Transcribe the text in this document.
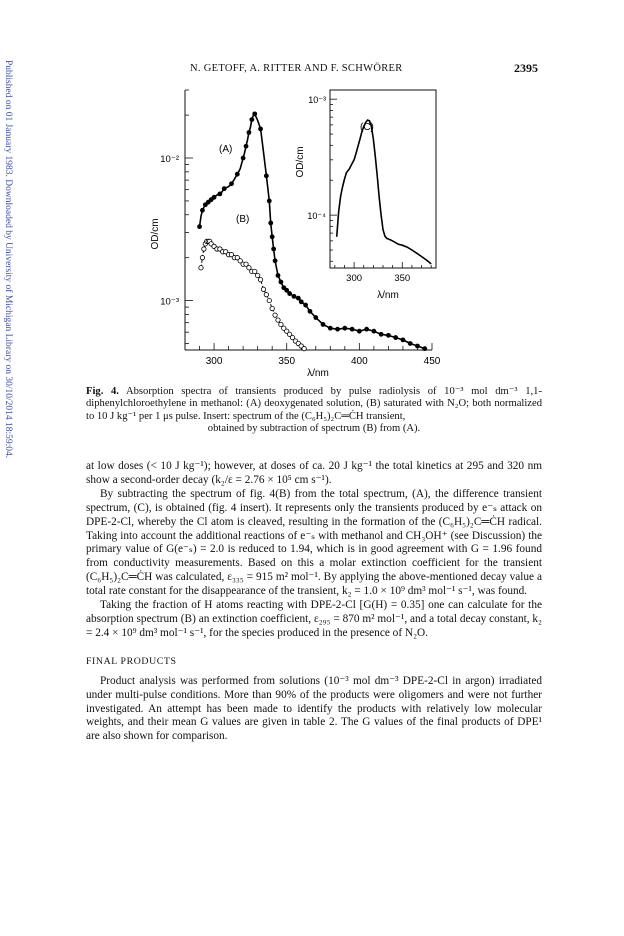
Published on 01 January 1983. Downloaded by University of Michigan Library on 30/10/2014 18:59:04.	N. GETOFF, A. RITTER AND F. SCHWÖRER	2395
300	350	400	450
10⁻²
10⁻³
OD/cm
λ/nm
(A)
(B)
300	350
10⁻³
10⁻⁴
OD/cm
λ/nm
(C)
Fig. 4. Absorption spectra of transients produced by pulse radiolysis of 10⁻³ mol dm⁻³ 1,1-diphenylchloroethylene in methanol: (A) deoxygenated solution, (B) saturated with N₂O; both normalized to 10 J kg⁻¹ per 1 μs pulse. Insert: spectrum of the (C₆H₅)₂C═ĊH transient,
obtained by subtraction of spectrum (B) from (A).

at low doses (< 10 J kg⁻¹); however, at doses of ca. 20 J kg⁻¹ the total kinetics at 295 and 320 nm show a second-order decay (k₂/ε = 2.76 × 10⁵ cm s⁻¹).

By subtracting the spectrum of fig. 4(B) from the total spectrum, (A), the difference transient spectrum, (C), is obtained (fig. 4 insert). It represents only the transients produced by e⁻ₛ attack on DPE-2-Cl, whereby the Cl atom is cleaved, resulting in the formation of the (C₆H₅)₂C═ĊH radical. Taking into account the additional reactions of e⁻ₛ with methanol and CH₃OH⁺ (see Discussion) the primary value of G(e⁻ₛ) = 2.0 is reduced to 1.94, which is in good agreement with G = 1.96 found from conductivity measurements. Based on this a molar extinction coefficient for the transient (C₆H₅)₂C═ĊH was calculated, ε₃₃₅ = 915 m² mol⁻¹. By applying the above-mentioned decay value a total rate constant for the disappearance of the transient, k₂ = 1.0 × 10⁹ dm³ mol⁻¹ s⁻¹, was found.

Taking the fraction of H atoms reacting with DPE-2-Cl [G(H) = 0.35] one can calculate for the absorption spectrum (B) an extinction coefficient, ε₂₉₅ = 870 m² mol⁻¹, and a total decay constant, k₂ = 2.4 × 10⁹ dm³ mol⁻¹ s⁻¹, for the species produced in the presence of N₂O.

FINAL PRODUCTS

Product analysis was performed from solutions (10⁻³ mol dm⁻³ DPE-2-Cl in argon) irradiated under multi-pulse conditions. More than 90% of the products were oligomers and were not further investigated. An attempt has been made to identify the products with relatively low molecular weights, and their mean G values are given in table 2. The G values of the final products of DPE¹ are also shown for comparison.
